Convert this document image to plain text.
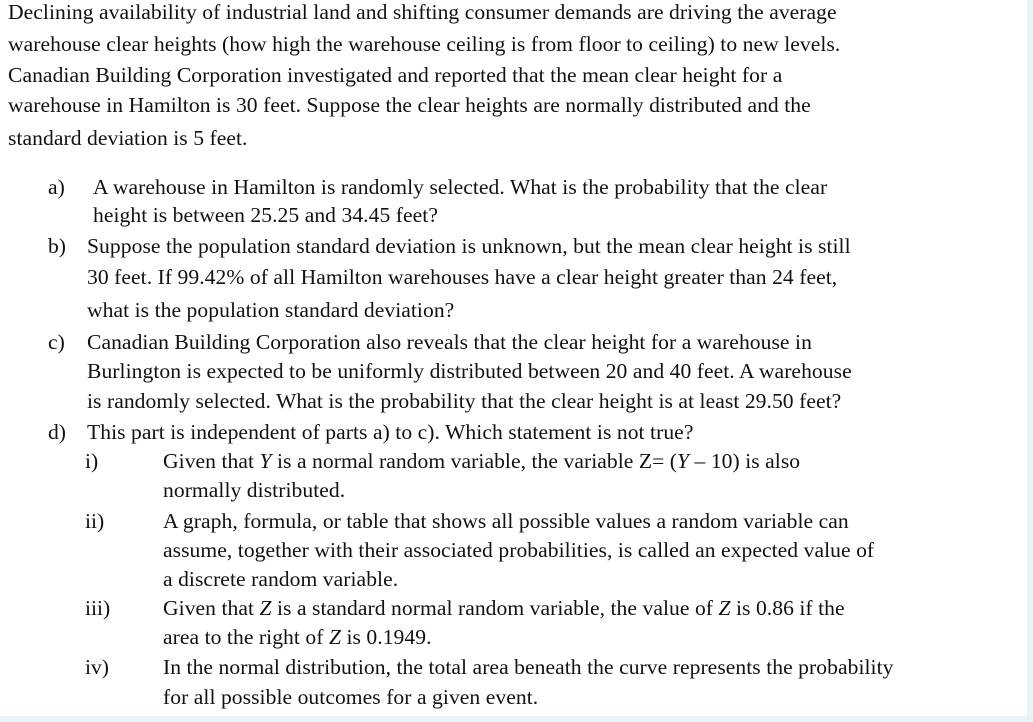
Declining availability of industrial land and shifting consumer demands are driving the average
warehouse clear heights (how high the warehouse ceiling is from floor to ceiling) to new levels.
Canadian Building Corporation investigated and reported that the mean clear height for a
warehouse in Hamilton is 30 feet. Suppose the clear heights are normally distributed and the
standard deviation is 5 feet.
a) A warehouse in Hamilton is randomly selected. What is the probability that the clear
height is between 25.25 and 34.45 feet?
b) Suppose the population standard deviation is unknown, but the mean clear height is still
30 feet. If 99.42% of all Hamilton warehouses have a clear height greater than 24 feet,
what is the population standard deviation?
c) Canadian Building Corporation also reveals that the clear height for a warehouse in
Burlington is expected to be uniformly distributed between 20 and 40 feet. A warehouse
is randomly selected. What is the probability that the clear height is at least 29.50 feet?
d) This part is independent of parts a) to c). Which statement is not true?
i)	Given that Y is a normal random variable, the variable Z= (Y – 10) is also
normally distributed.
ii)	A graph, formula, or table that shows all possible values a random variable can
assume, together with their associated probabilities, is called an expected value of
a discrete random variable.
iii) Given that Z is a standard normal random variable, the value of Z is 0.86 if the
area to the right of Z is 0.1949.
iv)	In the normal distribution, the total area beneath the curve represents the probability
for all possible outcomes for a given event.
